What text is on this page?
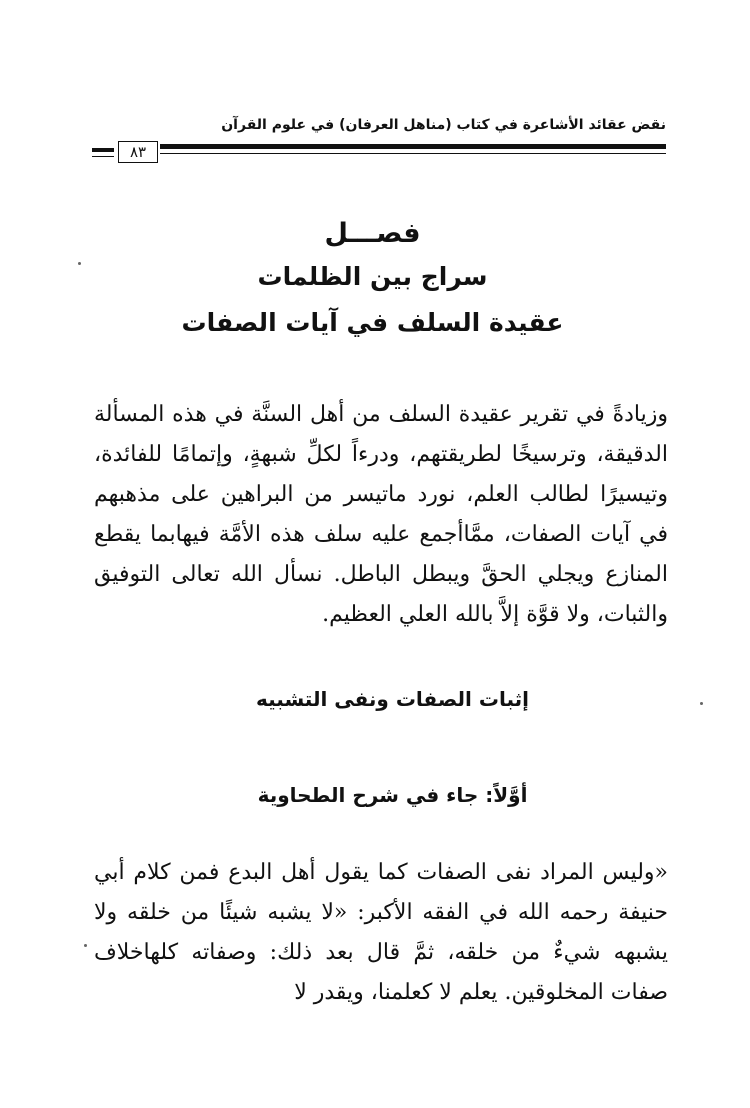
نقض عقائد الأشاعرة في كتاب (مناهل العرفان) في علوم القرآن
٨٣
فصـــل
سراج بين الظلمات
عقيدة السلف في آيات الصفات
وزيادةً في تقرير عقيدة السلف من أهل السنَّة في هذه المسألة الدقيقة، وترسيخًا لطريقتهم، ودرءاً لكلِّ شبهةٍ، وإتمامًا للفائدة، وتيسيرًا لطالب العلم، نورد ماتيسر من البراهين على مذهبهم في آيات الصفات، ممَّاأجمع عليه سلف هذه الأمَّة فيهابما يقطع المنازع ويجلي الحقَّ ويبطل الباطل. نسأل الله تعالى التوفيق والثبات، ولا قوَّة إلاَّ بالله العلي العظيم.
إثبات الصفات ونفى التشبيه
أوَّلاً: جاء في شرح الطحاوية
«وليس المراد نفى الصفات كما يقول أهل البدع فمن كلام أبي حنيفة رحمه الله في الفقه الأكبر: «لا يشبه شيئًا من خلقه ولا يشبهه شيءٌ من خلقه، ثمَّ قال بعد ذلك: وصفاته كلهاخلاف صفات المخلوقين. يعلم لا كعلمنا، ويقدر لا
